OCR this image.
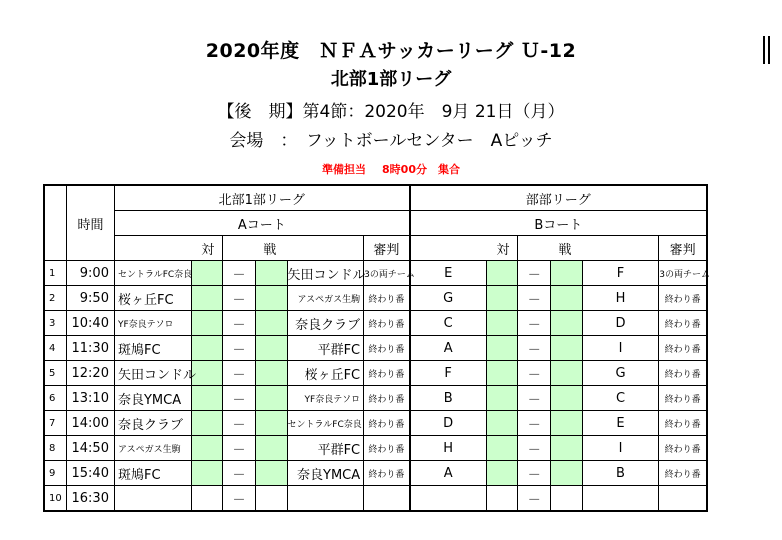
2020年度　ＮＦＡサッカーリーグ Ｕ-12
北部1部リーグ
【後　期】第4節：2020年　9月 21日（月）
会場　：　フットボールセンター　Aピッチ
準備担当 8時00分　集合
	時間	北部1部リーグ						部部リーグ					
		Aコート						Bコート					
		対			戦		審判	対			戦		審判
1	9:00	セントラルFC奈良		－		矢田コンドル	3の両チーム	E		－		F	3の両チーム
2	9:50	桜ヶ丘FC		－		アスペガス生駒	終わり番	G		－		H	終わり番
3	10:40	YF奈良テソロ		－		奈良クラブ	終わり番	C		－		D	終わり番
4	11:30	斑鳩FC		－		平群FC	終わり番	A		－		I	終わり番
5	12:20	矢田コンドル		－		桜ヶ丘FC	終わり番	F		－		G	終わり番
6	13:10	奈良YMCA		－		YF奈良テソロ	終わり番	B		－		C	終わり番
7	14:00	奈良クラブ		－		セントラルFC奈良	終わり番	D		－		E	終わり番
8	14:50	アスペガス生駒		－		平群FC	終わり番	H		－		I	終わり番
9	15:40	斑鳩FC		－		奈良YMCA	終わり番	A		－		B	終わり番
10	16:30			－						－			
